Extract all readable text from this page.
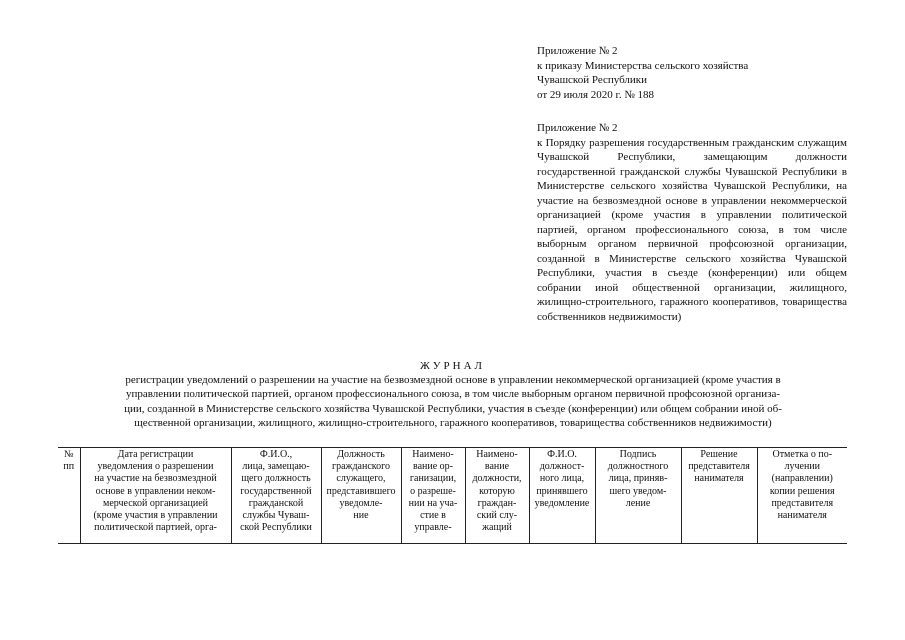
Приложение № 2
к приказу Министерства сельского хозяйства
Чувашской Республики
от 29 июля 2020 г. № 188
Приложение № 2
к Порядку разрешения государственным гражданским служащим Чувашской Республики, замещающим должности государственной гражданской службы Чувашской Республики в Министерстве сельского хозяйства Чувашской Республики, на участие на безвозмездной основе в управлении некоммерческой организацией (кроме участия в управлении политической партией, органом профессионального союза, в том числе выборным органом первичной профсоюзной организации, созданной в Министерстве сельского хозяйства Чувашской Республики, участия в съезде (конференции) или общем собрании иной общественной организации, жилищного, жилищно-строительного, гаражного кооперативов, товарищества собственников недвижимости)
ЖУРНАЛ
регистрации уведомлений о разрешении на участие на безвозмездной основе в управлении некоммерческой организацией (кроме участия в
управлении политической партией, органом профессионального союза, в том числе выборным органом первичной профсоюзной организа-
ции, созданной в Министерстве сельского хозяйства Чувашской Республики, участия в съезде (конференции) или общем собрании иной об-
щественной организации, жилищного, жилищно-строительного, гаражного кооперативов, товарищества собственников недвижимости)
№
пп

Дата регистрации
уведомления о разрешении
на участие на безвозмездной
основе в управлении неком-
мерческой организацией
(кроме участия в управлении
политической партией, орга-

Ф.И.О.,
лица, замещаю-
щего должность
государственной
гражданской
службы Чуваш-
ской Республики

Должность
гражданского
служащего,
представившего
уведомле-
ние

Наимено-
вание ор-
ганизации,
о разреше-
нии на уча-
стие в
управле-

Наимено-
вание
должности,
которую
граждан-
ский слу-
жащий

Ф.И.О.
должност-
ного лица,
принявшего
уведомление

Подпись
должностного
лица, приняв-
шего уведом-
ление

Решение
представителя
нанимателя

Отметка о по-
лучении
(направлении)
копии решения
представителя
нанимателя
